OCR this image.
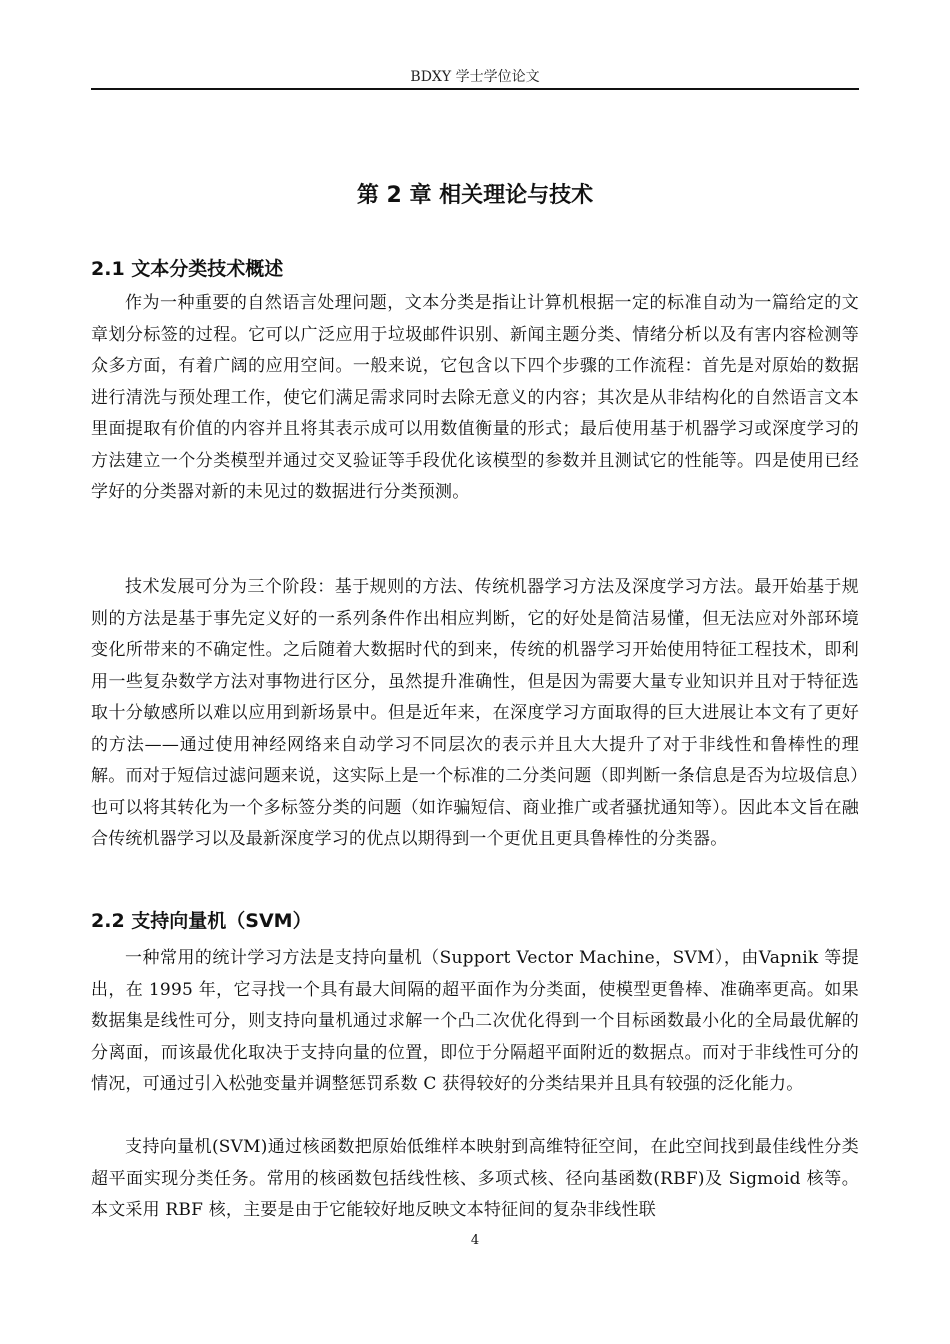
BDXY 学士学位论文
第 2 章 相关理论与技术
2.1 文本分类技术概述

作为一种重要的自然语言处理问题，文本分类是指让计算机根据一定的标准自动为一篇给定的文章划分标签的过程。它可以广泛应用于垃圾邮件识别、新闻主题分类、情绪分析以及有害内容检测等众多方面，有着广阔的应用空间。一般来说，它包含以下四个步骤的工作流程：首先是对原始的数据进行清洗与预处理工作，使它们满足需求同时去除无意义的内容；其次是从非结构化的自然语言文本里面提取有价值的内容并且将其表示成可以用数值衡量的形式；最后使用基于机器学习或深度学习的方法建立一个分类模型并通过交叉验证等手段优化该模型的参数并且测试它的性能等。四是使用已经学好的分类器对新的未见过的数据进行分类预测。

技术发展可分为三个阶段：基于规则的方法、传统机器学习方法及深度学习方法。最开始基于规则的方法是基于事先定义好的一系列条件作出相应判断，它的好处是简洁易懂，但无法应对外部环境变化所带来的不确定性。之后随着大数据时代的到来，传统的机器学习开始使用特征工程技术，即利用一些复杂数学方法对事物进行区分，虽然提升准确性，但是因为需要大量专业知识并且对于特征选取十分敏感所以难以应用到新场景中。但是近年来，在深度学习方面取得的巨大进展让本文有了更好的方法——通过使用神经网络来自动学习不同层次的表示并且大大提升了对于非线性和鲁棒性的理解。而对于短信过滤问题来说，这实际上是一个标准的二分类问题（即判断一条信息是否为垃圾信息）也可以将其转化为一个多标签分类的问题（如诈骗短信、商业推广或者骚扰通知等）。因此本文旨在融合传统机器学习以及最新深度学习的优点以期得到一个更优且更具鲁棒性的分类器。

2.2 支持向量机（SVM）

一种常用的统计学习方法是支持向量机（Support Vector Machine，SVM），由Vapnik 等提出，在 1995 年，它寻找一个具有最大间隔的超平面作为分类面，使模型更鲁棒、准确率更高。如果数据集是线性可分，则支持向量机通过求解一个凸二次优化得到一个目标函数最小化的全局最优解的分离面，而该最优化取决于支持向量的位置，即位于分隔超平面附近的数据点。而对于非线性可分的情况，可通过引入松弛变量并调整惩罚系数 C 获得较好的分类结果并且具有较强的泛化能力。

支持向量机(SVM)通过核函数把原始低维样本映射到高维特征空间，在此空间找到最佳线性分类超平面实现分类任务。常用的核函数包括线性核、多项式核、径向基函数(RBF)及 Sigmoid 核等。本文采用 RBF 核，主要是由于它能较好地反映文本特征间的复杂非线性联

4
